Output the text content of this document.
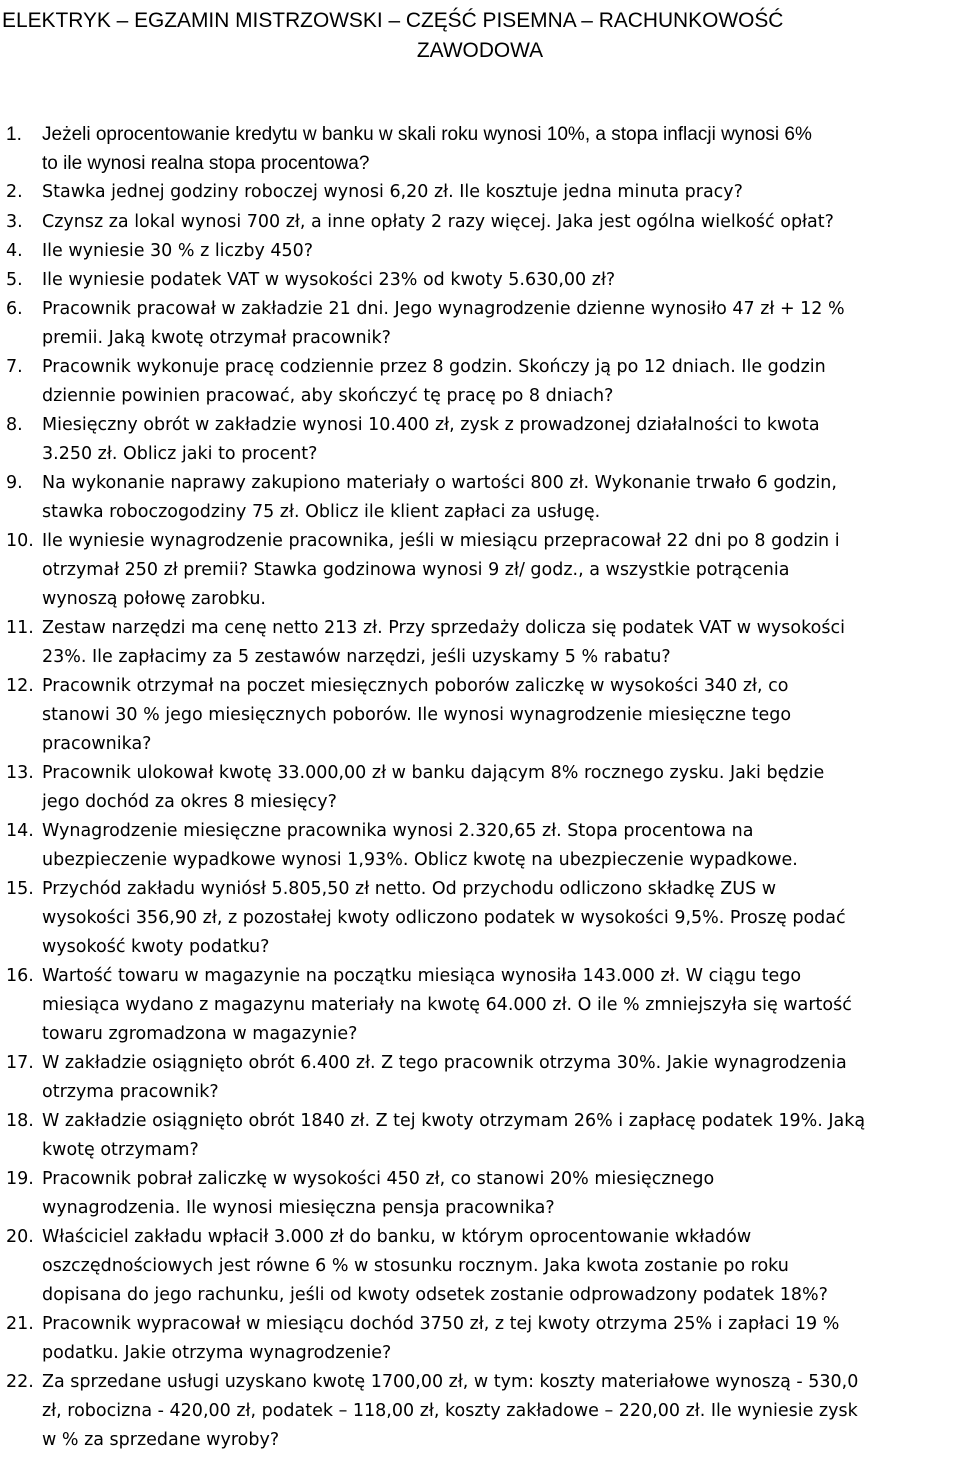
ELEKTRYK – EGZAMIN MISTRZOWSKI – CZĘŚĆ PISEMNA – RACHUNKOWOŚĆ
ZAWODOWA
1. Jeżeli oprocentowanie kredytu w banku w skali roku wynosi 10%, a stopa inflacji wynosi 6%
to ile wynosi realna stopa procentowa?
2. Stawka jednej godziny roboczej wynosi 6,20 zł. Ile kosztuje jedna minuta pracy?
3. Czynsz za lokal wynosi 700 zł, a inne opłaty 2 razy więcej. Jaka jest ogólna wielkość opłat?
4. Ile wyniesie 30 % z liczby 450?
5. Ile wyniesie podatek VAT w wysokości 23% od kwoty 5.630,00 zł?
6. Pracownik pracował w zakładzie 21 dni. Jego wynagrodzenie dzienne wynosiło 47 zł + 12 %
premii. Jaką kwotę otrzymał pracownik?
7. Pracownik wykonuje pracę codziennie przez 8 godzin. Skończy ją po 12 dniach. Ile godzin
dziennie powinien pracować, aby skończyć tę pracę po 8 dniach?
8. Miesięczny obrót w zakładzie wynosi 10.400 zł, zysk z prowadzonej działalności to kwota
3.250 zł. Oblicz jaki to procent?
9. Na wykonanie naprawy zakupiono materiały o wartości 800 zł. Wykonanie trwało 6 godzin,
stawka roboczogodziny 75 zł. Oblicz ile klient zapłaci za usługę.
10. Ile wyniesie wynagrodzenie pracownika, jeśli w miesiącu przepracował 22 dni po 8 godzin i
otrzymał 250 zł premii? Stawka godzinowa wynosi 9 zł/ godz., a wszystkie potrącenia
wynoszą połowę zarobku.
11. Zestaw narzędzi ma cenę netto 213 zł. Przy sprzedaży dolicza się podatek VAT w wysokości
23%. Ile zapłacimy za 5 zestawów narzędzi, jeśli uzyskamy 5 % rabatu?
12. Pracownik otrzymał na poczet miesięcznych poborów zaliczkę w wysokości 340 zł, co
stanowi 30 % jego miesięcznych poborów. Ile wynosi wynagrodzenie miesięczne tego
pracownika?
13. Pracownik ulokował kwotę 33.000,00 zł w banku dającym 8% rocznego zysku. Jaki będzie
jego dochód za okres 8 miesięcy?
14. Wynagrodzenie miesięczne pracownika wynosi 2.320,65 zł. Stopa procentowa na
ubezpieczenie wypadkowe wynosi 1,93%. Oblicz kwotę na ubezpieczenie wypadkowe.
15. Przychód zakładu wyniósł 5.805,50 zł netto. Od przychodu odliczono składkę ZUS w
wysokości 356,90 zł, z pozostałej kwoty odliczono podatek w wysokości 9,5%. Proszę podać
wysokość kwoty podatku?
16. Wartość towaru w magazynie na początku miesiąca wynosiła 143.000 zł. W ciągu tego
miesiąca wydano z magazynu materiały na kwotę 64.000 zł. O ile % zmniejszyła się wartość
towaru zgromadzona w magazynie?
17. W zakładzie osiągnięto obrót 6.400 zł. Z tego pracownik otrzyma 30%. Jakie wynagrodzenia
otrzyma pracownik?
18. W zakładzie osiągnięto obrót 1840 zł. Z tej kwoty otrzymam 26% i zapłacę podatek 19%. Jaką
kwotę otrzymam?
19. Pracownik pobrał zaliczkę w wysokości 450 zł, co stanowi 20% miesięcznego
wynagrodzenia. Ile wynosi miesięczna pensja pracownika?
20. Właściciel zakładu wpłacił 3.000 zł do banku, w którym oprocentowanie wkładów
oszczędnościowych jest równe 6 % w stosunku rocznym. Jaka kwota zostanie po roku
dopisana do jego rachunku, jeśli od kwoty odsetek zostanie odprowadzony podatek 18%?
21. Pracownik wypracował w miesiącu dochód 3750 zł, z tej kwoty otrzyma 25% i zapłaci 19 %
podatku. Jakie otrzyma wynagrodzenie?
22. Za sprzedane usługi uzyskano kwotę 1700,00 zł, w tym: koszty materiałowe wynoszą - 530,0
zł, robocizna - 420,00 zł, podatek – 118,00 zł, koszty zakładowe – 220,00 zł. Ile wyniesie zysk
w % za sprzedane wyroby?
